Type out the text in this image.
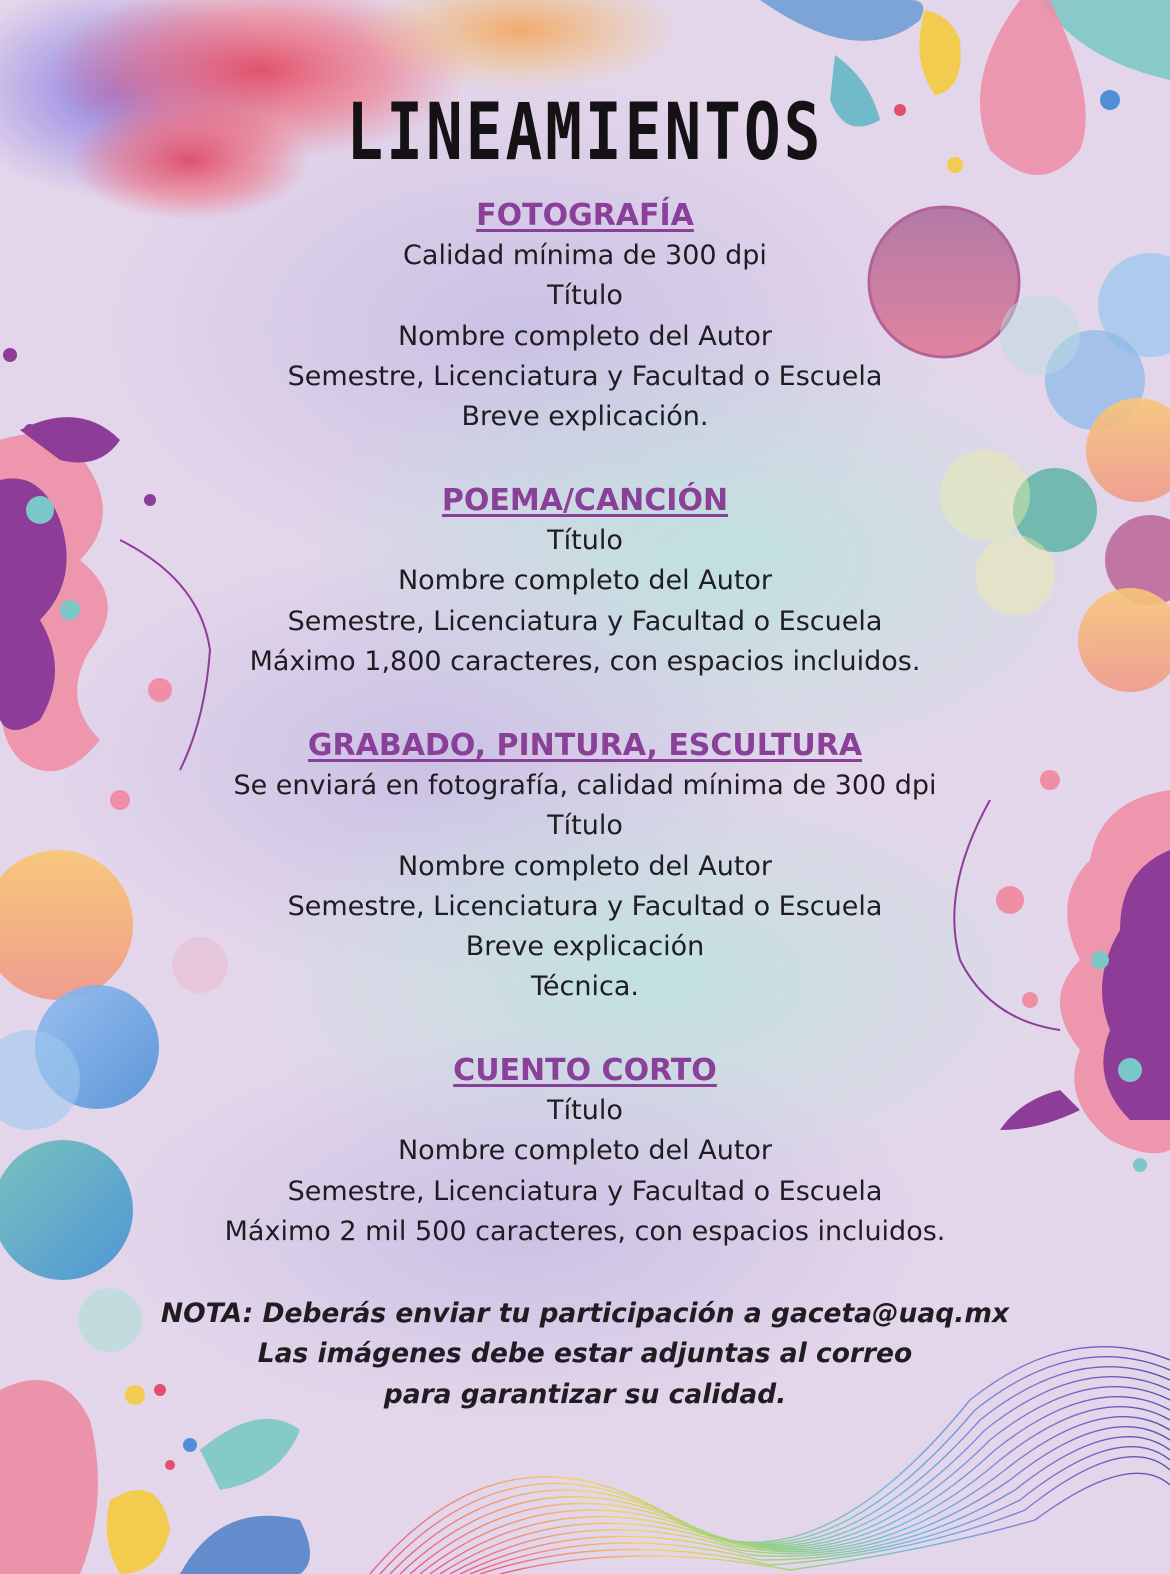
LINEAMIENTOS
FOTOGRAFÍA
Calidad mínima de 300 dpi
Título
Nombre completo del Autor
Semestre, Licenciatura y Facultad o Escuela
Breve explicación.
POEMA/CANCIÓN
Título
Nombre completo del Autor
Semestre, Licenciatura y Facultad o Escuela
Máximo 1,800 caracteres, con espacios incluidos.
GRABADO, PINTURA, ESCULTURA
Se enviará en fotografía, calidad mínima de 300 dpi
Título
Nombre completo del Autor
Semestre, Licenciatura y Facultad o Escuela
Breve explicación
Técnica.
CUENTO CORTO
Título
Nombre completo del Autor
Semestre, Licenciatura y Facultad o Escuela
Máximo 2 mil 500 caracteres, con espacios incluidos.
NOTA: Deberás enviar tu participación a gaceta@uaq.mx
Las imágenes debe estar adjuntas al correo
para garantizar su calidad.
